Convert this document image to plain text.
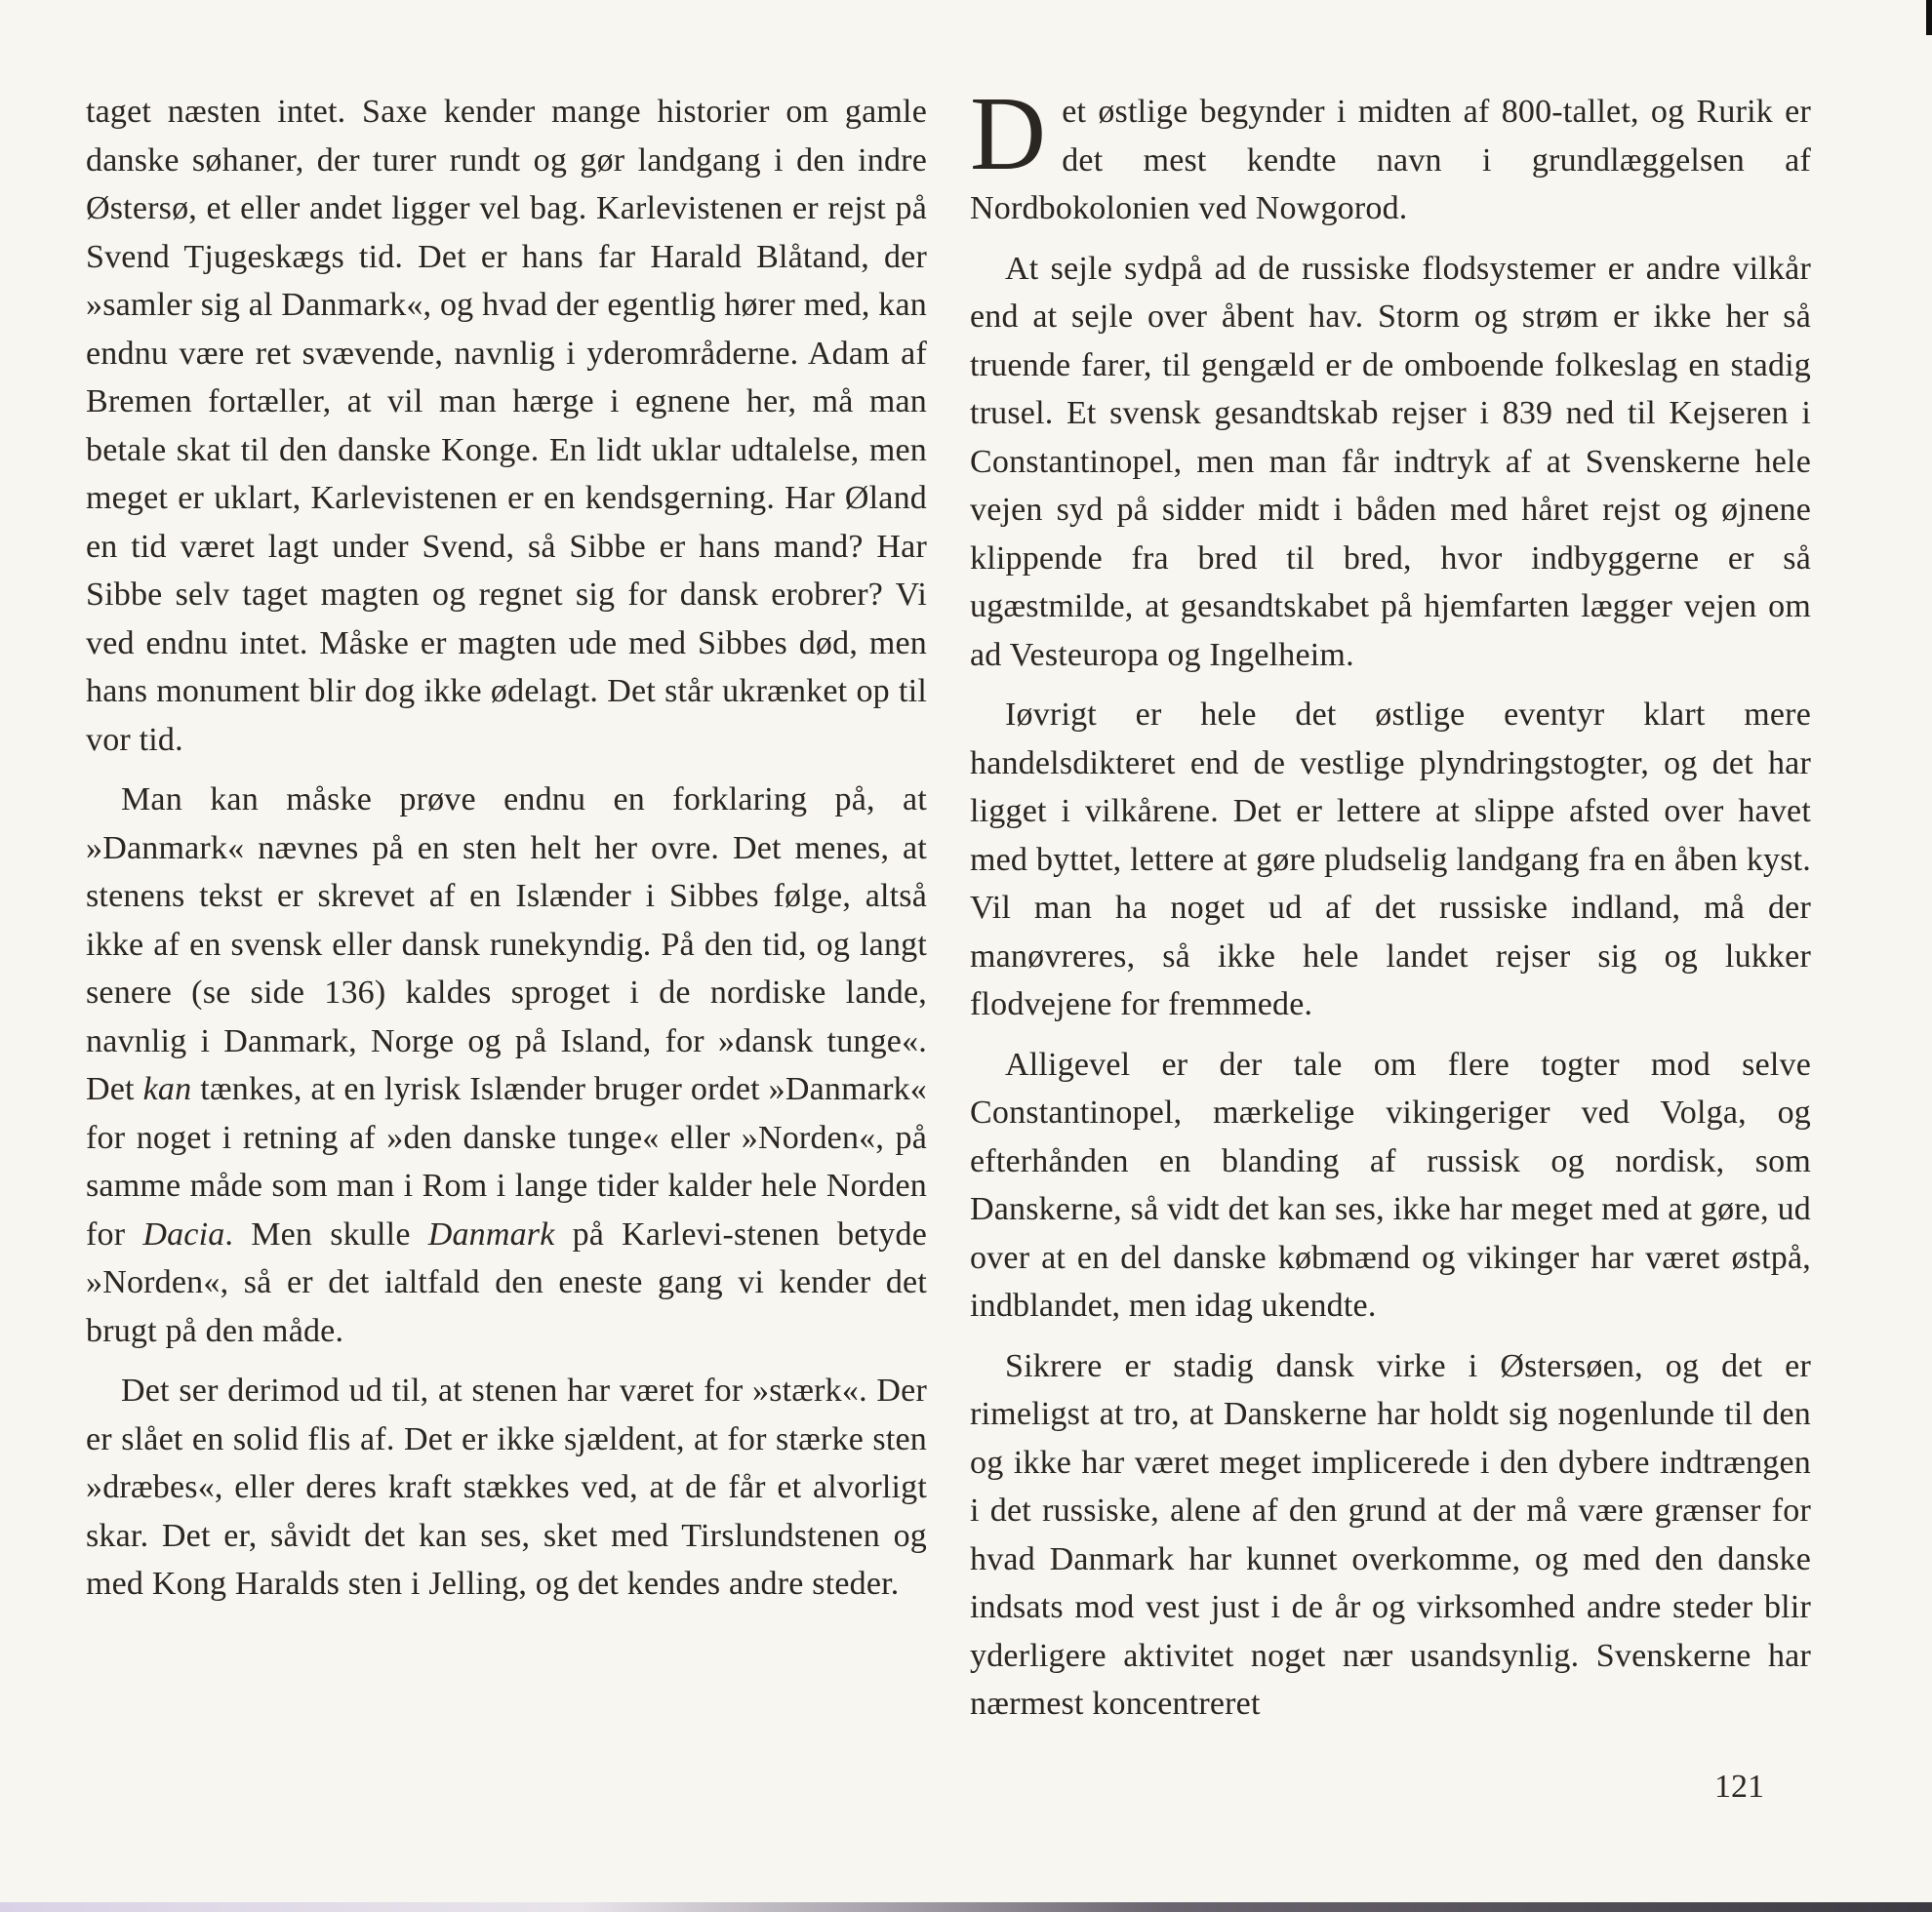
taget næsten intet. Saxe kender mange historier om gamle danske søhaner, der turer rundt og gør landgang i den indre Østersø, et eller andet ligger vel bag. Karlevistenen er rejst på Svend Tjugeskægs tid. Det er hans far Harald Blåtand, der »samler sig al Danmark«, og hvad der egentlig hører med, kan endnu være ret svævende, navnlig i yderområderne. Adam af Bremen fortæller, at vil man hærge i egnene her, må man betale skat til den danske Konge. En lidt uklar udtalelse, men meget er uklart, Karlevistenen er en kendsgerning. Har Øland en tid været lagt under Svend, så Sibbe er hans mand? Har Sibbe selv taget magten og regnet sig for dansk erobrer? Vi ved endnu intet. Måske er magten ude med Sibbes død, men hans monument blir dog ikke ødelagt. Det står ukrænket op til vor tid.

Man kan måske prøve endnu en forklaring på, at »Danmark« nævnes på en sten helt her ovre. Det menes, at stenens tekst er skrevet af en Islænder i Sibbes følge, altså ikke af en svensk eller dansk runekyndig. På den tid, og langt senere (se side 136) kaldes sproget i de nordiske lande, navnlig i Danmark, Norge og på Island, for »dansk tunge«. Det kan tænkes, at en lyrisk Islænder bruger ordet »Danmark« for noget i retning af »den danske tunge« eller »Norden«, på samme måde som man i Rom i lange tider kalder hele Norden for Dacia. Men skulle Danmark på Karlevi-stenen betyde »Norden«, så er det ialtfald den eneste gang vi kender det brugt på den måde.

Det ser derimod ud til, at stenen har været for »stærk«. Der er slået en solid flis af. Det er ikke sjældent, at for stærke sten »dræbes«, eller deres kraft stækkes ved, at de får et alvorligt skar. Det er, såvidt det kan ses, sket med Tirslundstenen og med Kong Haralds sten i Jelling, og det kendes andre steder.

Det østlige begynder i midten af 800-tallet, og Rurik er det mest kendte navn i grundlæggelsen af Nordbokolonien ved Nowgorod.

At sejle sydpå ad de russiske flodsystemer er andre vilkår end at sejle over åbent hav. Storm og strøm er ikke her så truende farer, til gengæld er de omboende folkeslag en stadig trusel. Et svensk gesandtskab rejser i 839 ned til Kejseren i Constantinopel, men man får indtryk af at Svenskerne hele vejen syd på sidder midt i båden med håret rejst og øjnene klippende fra bred til bred, hvor indbyggerne er så ugæstmilde, at gesandtskabet på hjemfarten lægger vejen om ad Vesteuropa og Ingelheim.

Iøvrigt er hele det østlige eventyr klart mere handelsdikteret end de vestlige plyndringstogter, og det har ligget i vilkårene. Det er lettere at slippe afsted over havet med byttet, lettere at gøre pludselig landgang fra en åben kyst. Vil man ha noget ud af det russiske indland, må der manøvreres, så ikke hele landet rejser sig og lukker flodvejene for fremmede.

Alligevel er der tale om flere togter mod selve Constantinopel, mærkelige vikingeriger ved Volga, og efterhånden en blanding af russisk og nordisk, som Danskerne, så vidt det kan ses, ikke har meget med at gøre, ud over at en del danske købmænd og vikinger har været østpå, indblandet, men idag ukendte.

Sikrere er stadig dansk virke i Østersøen, og det er rimeligst at tro, at Danskerne har holdt sig nogenlunde til den og ikke har været meget implicerede i den dybere indtrængen i det russiske, alene af den grund at der må være grænser for hvad Danmark har kunnet overkomme, og med den danske indsats mod vest just i de år og virksomhed andre steder blir yderligere aktivitet noget nær usandsynlig. Svenskerne har nærmest koncentreret

121
